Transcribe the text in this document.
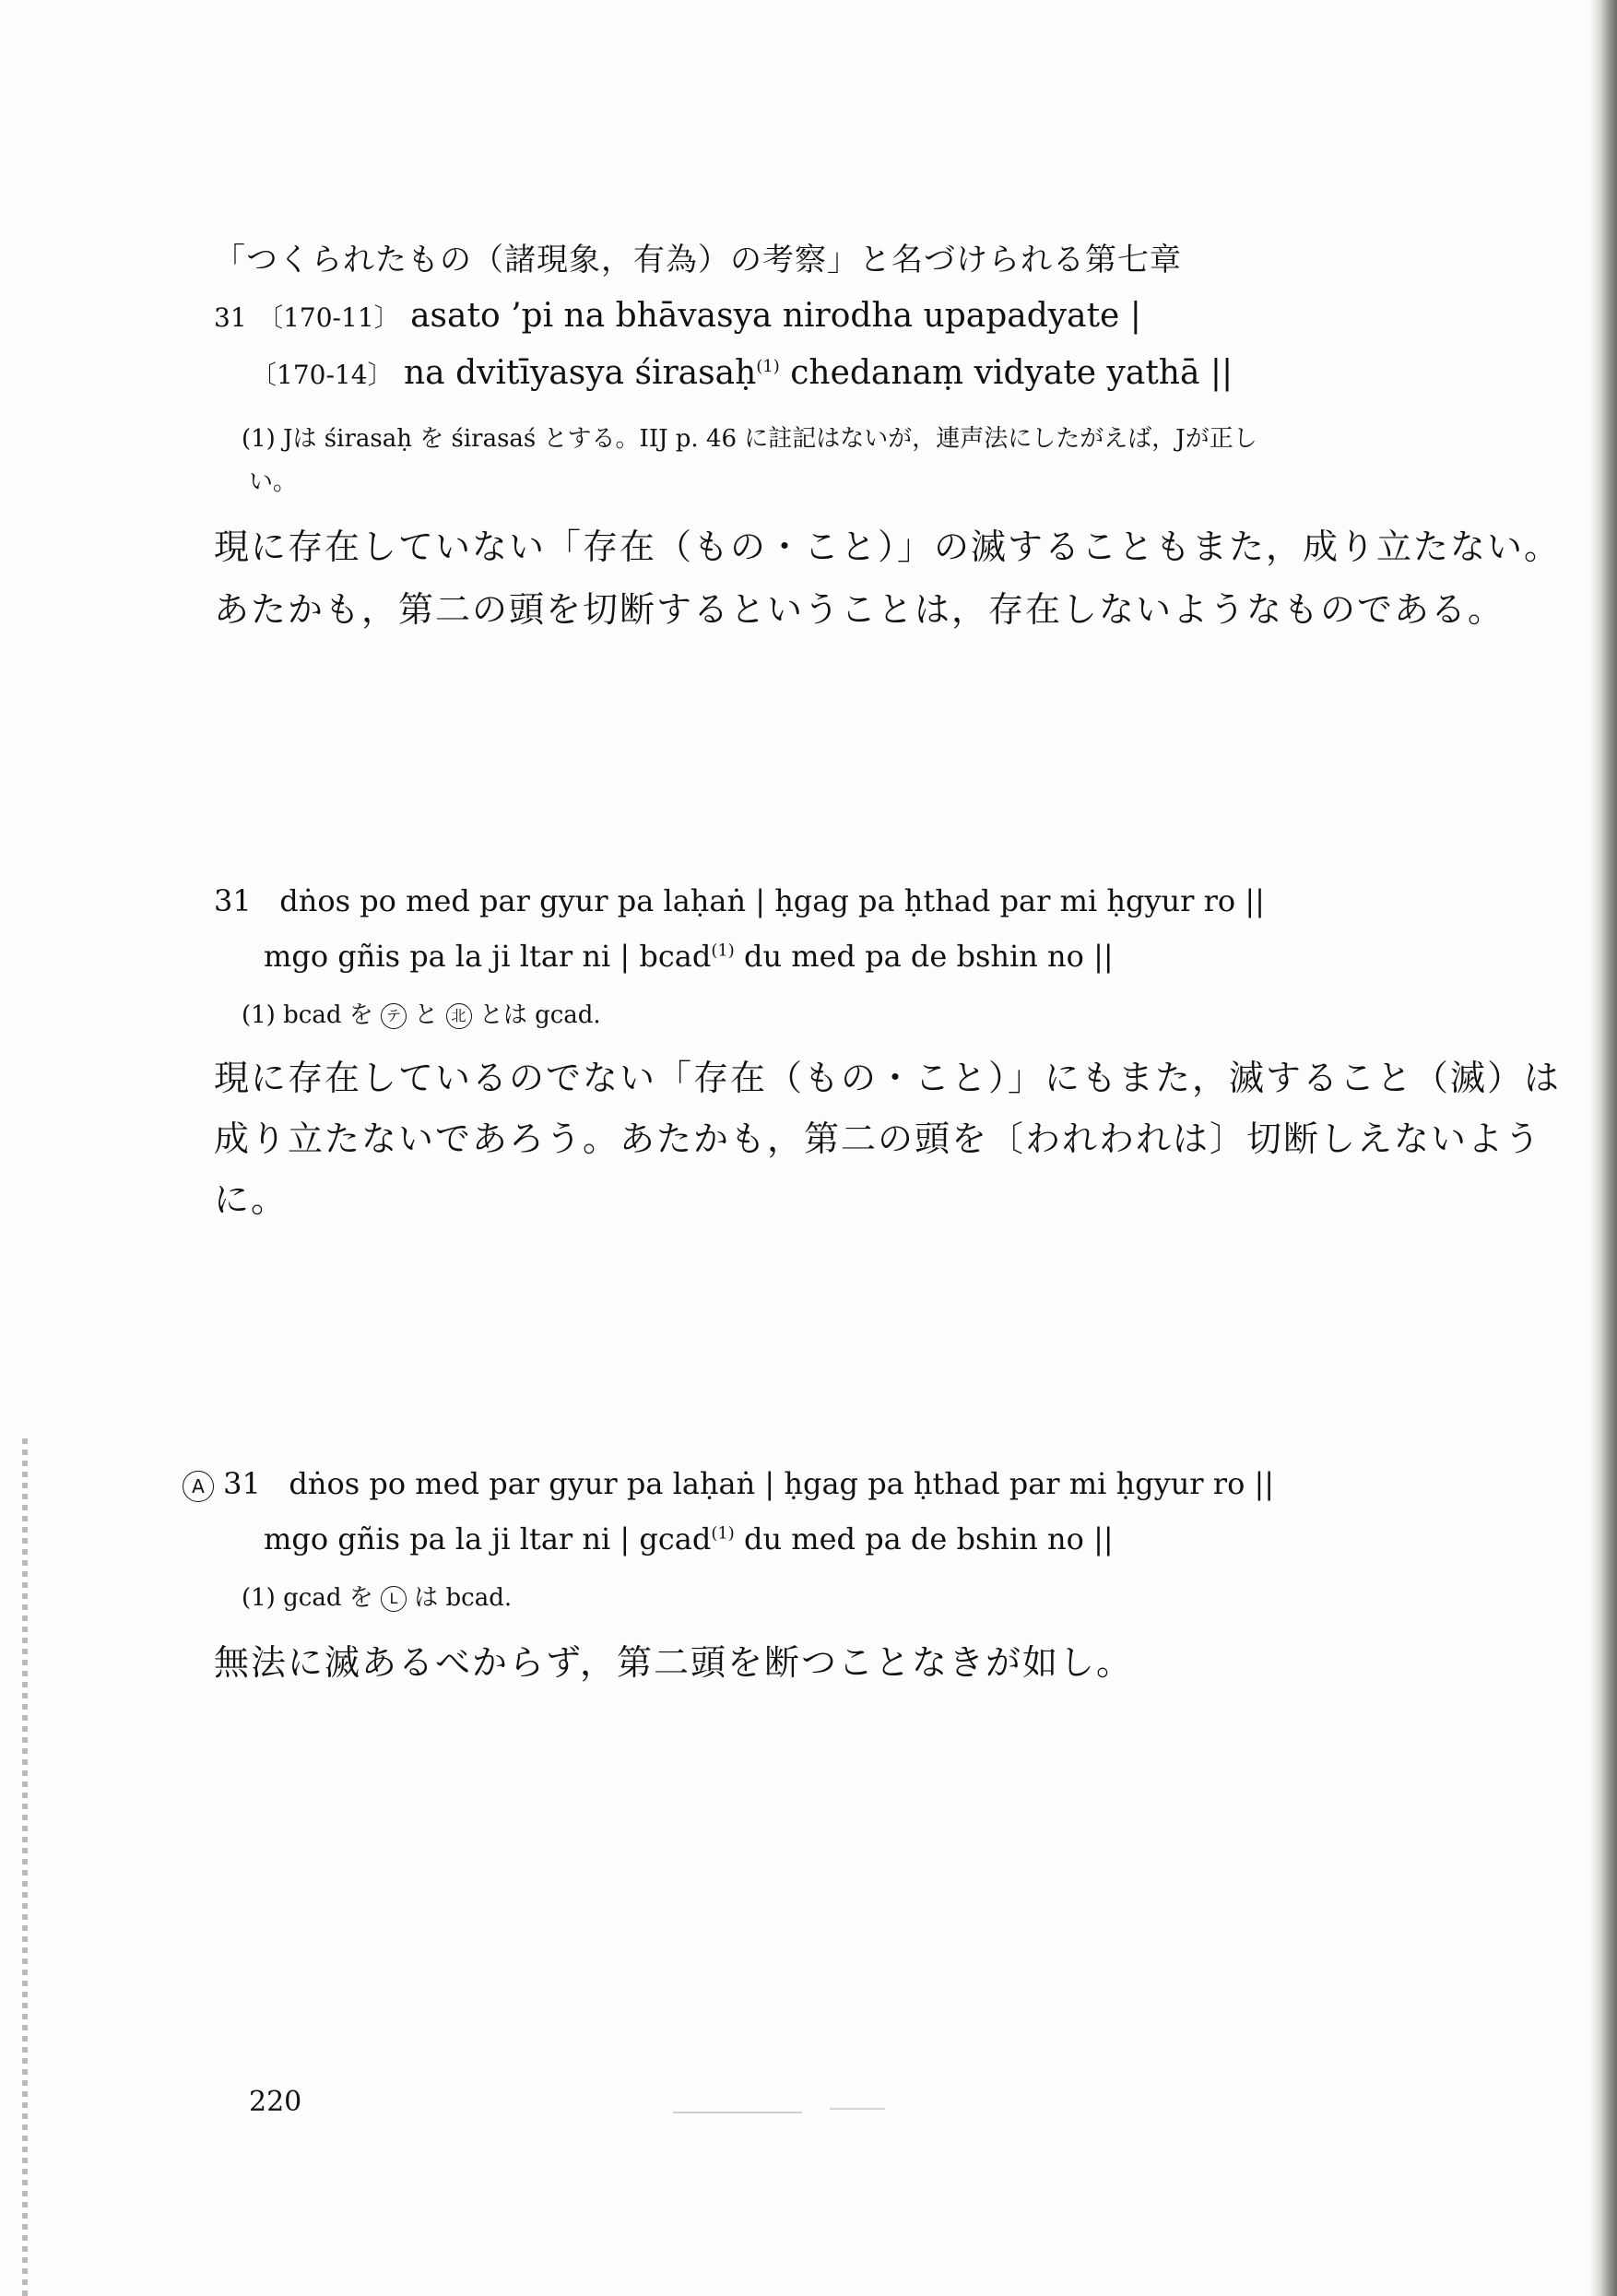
「つくられたもの（諸現象，有為）の考察」と名づけられる第七章
31 〔170-11〕 asato ’pi na bhāvasya nirodha upapadyate |
〔170-14〕 na dvitīyasya śirasaḥ$^{(1)}$ chedanaṃ vidyate yathā ||
(1) Jは śirasaḥ を śirasaś とする。IIJ p. 46 に註記はないが，連声法にしたがえば，Jが正し
い。
現に存在していない「存在（もの・こと）」の滅することもまた，成り立たない。
あたかも，第二の頭を切断するということは，存在しないようなものである。
31 dṅos po med par gyur pa laḥaṅ | ḥgag pa ḥthad par mi ḥgyur ro ||
mgo gñis pa la ji ltar ni | bcad$^{(1)}$ du med pa de bshin no ||
(1) bcad を テ と 北 とは gcad.
現に存在しているのでない「存在（もの・こと）」にもまた，滅すること（滅）は
成り立たないであろう。あたかも，第二の頭を〔われわれは〕切断しえないよう
に。
A 31 dṅos po med par gyur pa laḥaṅ | ḥgag pa ḥthad par mi ḥgyur ro ||
mgo gñis pa la ji ltar ni | gcad$^{(1)}$ du med pa de bshin no ||
(1) gcad を L は bcad.
無法に滅あるべからず，第二頭を断つことなきが如し。
220
